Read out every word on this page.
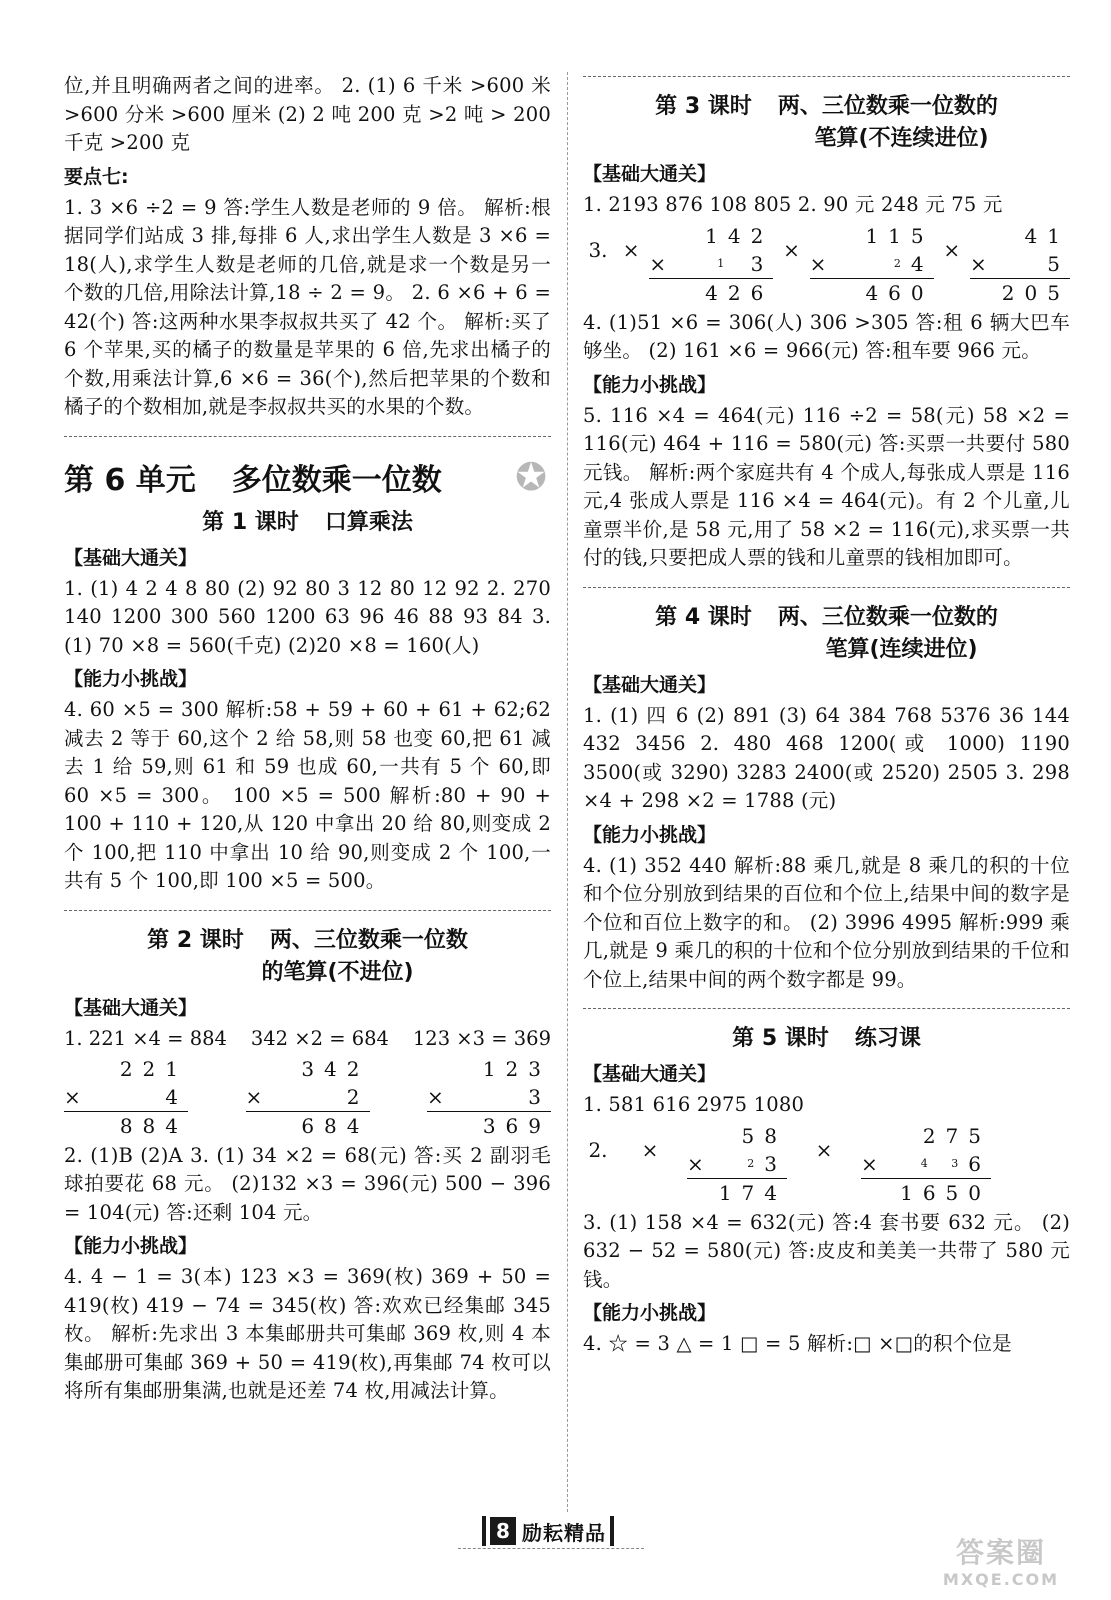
位,并且明确两者之间的进率。 2. (1) 6 千米 >600 米 >600 分米 >600 厘米 (2) 2 吨 200 克 >2 吨 > 200 千克 >200 克

要点七:

1. 3 ×6 ÷2 = 9 答:学生人数是老师的 9 倍。 解析:根据同学们站成 3 排,每排 6 人,求出学生人数是 3 ×6 = 18(人),求学生人数是老师的几倍,就是求一个数是另一个数的几倍,用除法计算,18 ÷ 2 = 9。 2. 6 ×6 + 6 = 42(个) 答:这两种水果李叔叔共买了 42 个。 解析:买了 6 个苹果,买的橘子的数量是苹果的 6 倍,先求出橘子的个数,用乘法计算,6 ×6 = 36(个),然后把苹果的个数和橘子的个数相加,就是李叔叔共买的水果的个数。

第 6 单元 多位数乘一位数 ✪
第 1 课时 口算乘法
【基础大通关】

1. (1) 4 2 4 8 80 (2) 92 80 3 12 80 12 92 2. 270 140 1200 300 560 1200 63 96 46 88 93 84 3. (1) 70 ×8 = 560(千克) (2)20 ×8 = 160(人)

【能力小挑战】

4. 60 ×5 = 300 解析:58 + 59 + 60 + 61 + 62;62 减去 2 等于 60,这个 2 给 58,则 58 也变 60,把 61 减去 1 给 59,则 61 和 59 也成 60,一共有 5 个 60,即 60 ×5 = 300。 100 ×5 = 500 解析:80 + 90 + 100 + 110 + 120,从 120 中拿出 20 给 80,则变成 2 个 100,把 110 中拿出 10 给 90,则变成 2 个 100,一共有 5 个 100,即 100 ×5 = 500。

第 2 课时 两、三位数乘一位数
的笔算(不进位)
【基础大通关】
1. 221 ×4 = 884 342 ×2 = 684 123 ×3 = 369
221
×	4
884
342
×	2
684
123
×	3
369

2. (1)B (2)A 3. (1) 34 ×2 = 68(元) 答:买 2 副羽毛球拍要花 68 元。 (2)132 ×3 = 396(元) 500 − 396 = 104(元) 答:还剩 104 元。

【能力小挑战】

4. 4 − 1 = 3(本) 123 ×3 = 369(枚) 369 + 50 = 419(枚) 419 − 74 = 345(枚) 答:欢欢已经集邮 345 枚。 解析:先求出 3 本集邮册共可集邮 369 枚,则 4 本集邮册可集邮 369 + 50 = 419(枚),再集邮 74 枚可以将所有集邮册集满,也就是还差 74 枚,用减法计算。

第 3 课时 两、三位数乘一位数的
笔算(不连续进位)
【基础大通关】

1. 2193 876 108 805 2. 90 元 248 元 75 元

3. ×
142
×	1 3
426
×
115
×	24
460
×
41
×	5
205

4. (1)51 ×6 = 306(人) 306 >305 答:租 6 辆大巴车够坐。 (2) 161 ×6 = 966(元) 答:租车要 966 元。

【能力小挑战】

5. 116 ×4 = 464(元) 116 ÷2 = 58(元) 58 ×2 = 116(元) 464 + 116 = 580(元) 答:买票一共要付 580 元钱。 解析:两个家庭共有 4 个成人,每张成人票是 116 元,4 张成人票是 116 ×4 = 464(元)。有 2 个儿童,儿童票半价,是 58 元,用了 58 ×2 = 116(元),求买票一共付的钱,只要把成人票的钱和儿童票的钱相加即可。

第 4 课时 两、三位数乘一位数的
笔算(连续进位)
【基础大通关】

1. (1) 四 6 (2) 891 (3) 64 384 768 5376 36 144 432 3456 2. 480 468 1200(或 1000) 1190 3500(或 3290) 3283 2400(或 2520) 2505 3. 298 ×4 + 298 ×2 = 1788 (元)

【能力小挑战】

4. (1) 352 440 解析:88 乘几,就是 8 乘几的积的十位和个位分别放到结果的百位和个位上,结果中间的数字是个位和百位上数字的和。 (2) 3996 4995 解析:999 乘几,就是 9 乘几的积的十位和个位分别放到结果的千位和个位上,结果中间的两个数字都是 99。

第 5 课时 练习课
【基础大通关】

1. 581 616 2975 1080

2.	×
58
×	23
174
×
275
×	4 36
1650

3. (1) 158 ×4 = 632(元) 答:4 套书要 632 元。 (2) 632 − 52 = 580(元) 答:皮皮和美美一共带了 580 元钱。

【能力小挑战】

4. ☆ = 3 △ = 1 □ = 5 解析:□ ×□的积个位是

8 励耘精品
答案圈
MXQE.COM
